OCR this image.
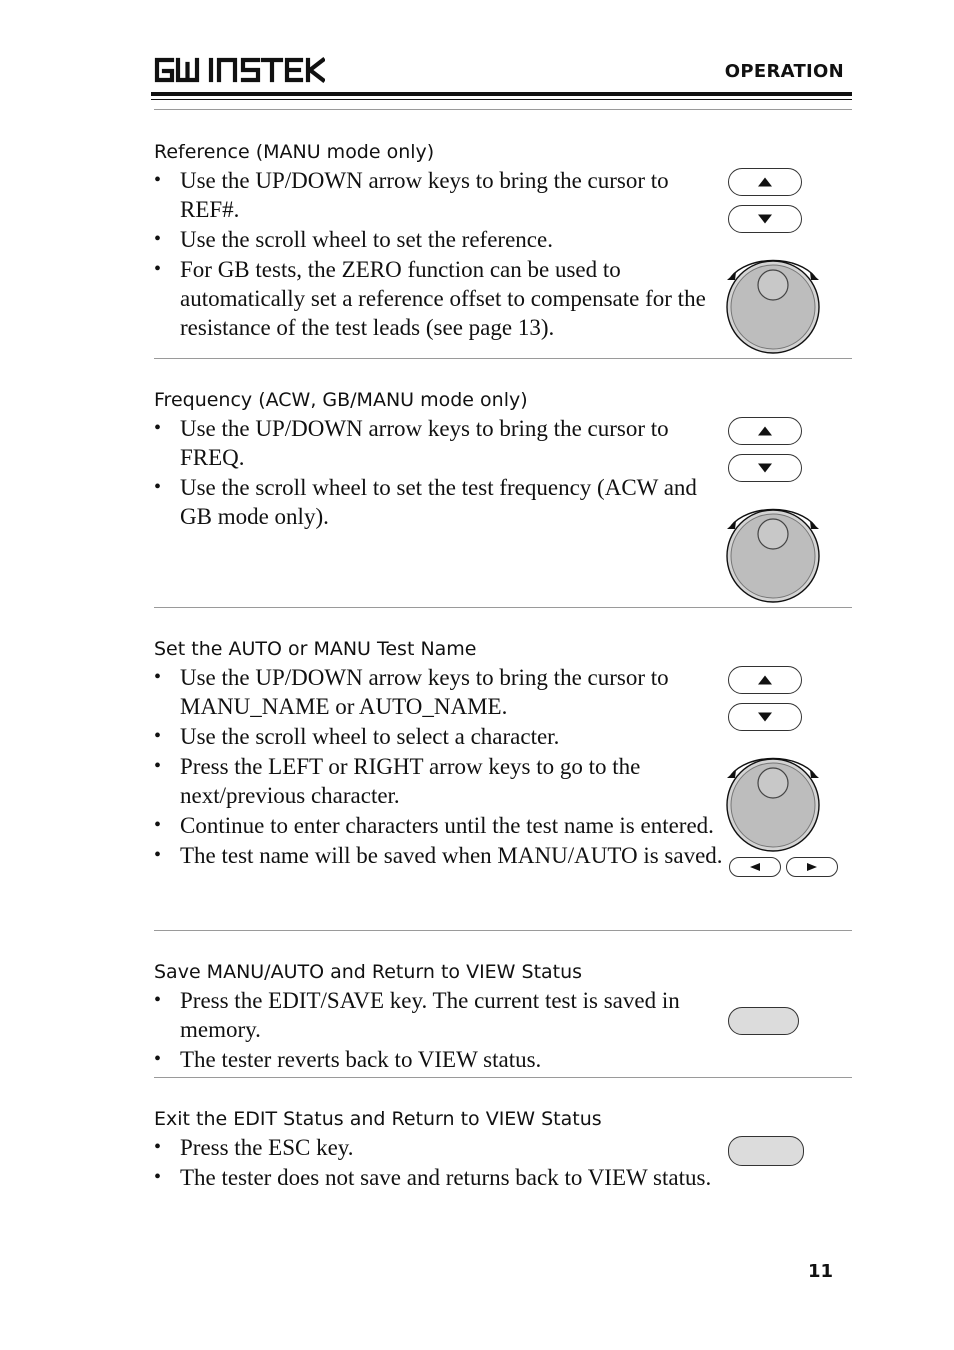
OPERATION
Reference (MANU mode only)
• Use the UP/DOWN arrow keys to bring the cursor to REF#.
• Use the scroll wheel to set the reference.
• For GB tests, the ZERO function can be used to automatically set a reference offset to compensate for the resistance of the test leads (see page 13).
Frequency (ACW, GB/MANU mode only)
• Use the UP/DOWN arrow keys to bring the cursor to FREQ.
• Use the scroll wheel to set the test frequency (ACW and GB mode only).
Set the AUTO or MANU Test Name
• Use the UP/DOWN arrow keys to bring the cursor to MANU_NAME or AUTO_NAME.
• Use the scroll wheel to select a character.
• Press the LEFT or RIGHT arrow keys to go to the next/previous character.
• Continue to enter characters until the test name is entered.
• The test name will be saved when MANU/AUTO is saved.
Save MANU/AUTO and Return to VIEW Status
• Press the EDIT/SAVE key. The current test is saved in memory.
• The tester reverts back to VIEW status.
Exit the EDIT Status and Return to VIEW Status
• Press the ESC key.
• The tester does not save and returns back to VIEW status.
11
